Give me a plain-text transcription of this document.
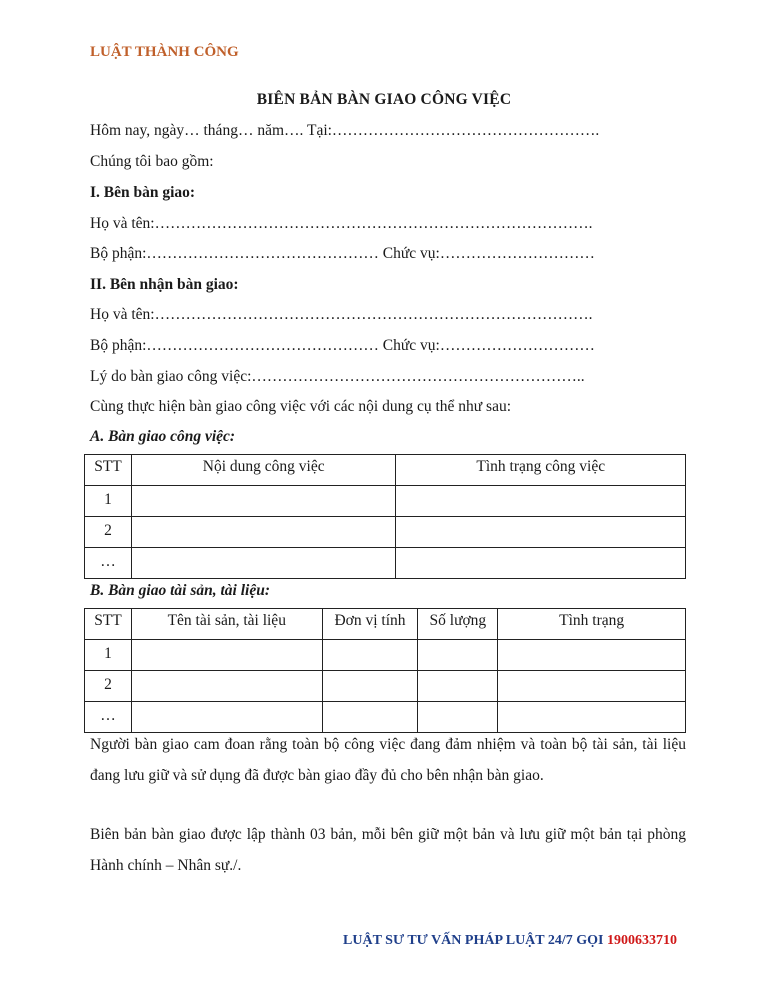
LUẬT THÀNH CÔNG
BIÊN BẢN BÀN GIAO CÔNG VIỆC
Hôm nay, ngày… tháng… năm…. Tại:…………………………………………….
Chúng tôi bao gồm:
I. Bên bàn giao:
Họ và tên:………………………………………………………………………….
Bộ phận:……………………………………… Chức vụ:…………………………
II. Bên nhận bàn giao:
Họ và tên:………………………………………………………………………….
Bộ phận:……………………………………… Chức vụ:…………………………
Lý do bàn giao công việc:………………………………………………………..
Cùng thực hiện bàn giao công việc với các nội dung cụ thể như sau:
A. Bàn giao công việc:
STT	Nội dung công việc	Tình trạng công việc
1		
2		
…		
B. Bàn giao tài sản, tài liệu:
STT	Tên tài sản, tài liệu	Đơn vị tính	Số lượng	Tình trạng
1				
2				
…				
Người bàn giao cam đoan rằng toàn bộ công việc đang đảm nhiệm và toàn bộ tài sản, tài liệu đang lưu giữ và sử dụng đã được bàn giao đầy đủ cho bên nhận bàn giao.
Biên bản bàn giao được lập thành 03 bản, mỗi bên giữ một bản và lưu giữ một bản tại phòng Hành chính – Nhân sự./.
LUẬT SƯ TƯ VẤN PHÁP LUẬT 24/7 GỌI 1900633710
